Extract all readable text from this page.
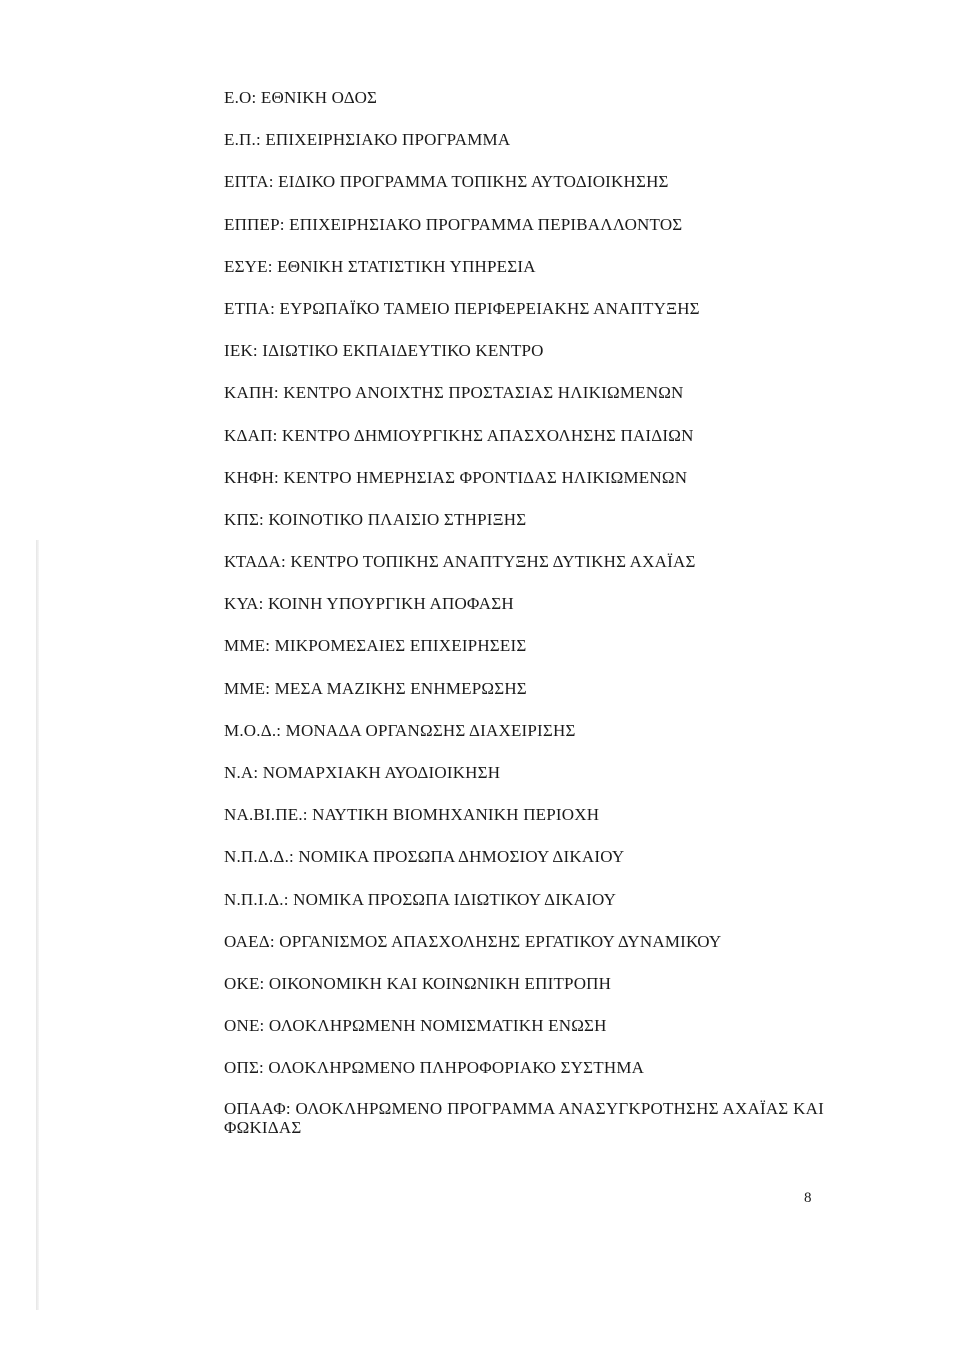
Ε.Ο: ΕΘΝΙΚΗ ΟΔΟΣ
Ε.Π.: ΕΠΙΧΕΙΡΗΣΙΑΚΟ ΠΡΟΓΡΑΜΜΑ
ΕΠΤΑ: ΕΙΔΙΚΟ ΠΡΟΓΡΑΜΜΑ ΤΟΠΙΚΗΣ ΑΥΤΟΔΙΟΙΚΗΣΗΣ
ΕΠΠΕΡ: ΕΠΙΧΕΙΡΗΣΙΑΚΟ ΠΡΟΓΡΑΜΜΑ ΠΕΡΙΒΑΛΛΟΝΤΟΣ
ΕΣΥΕ: ΕΘΝΙΚΗ ΣΤΑΤΙΣΤΙΚΗ ΥΠΗΡΕΣΙΑ
ΕΤΠΑ: ΕΥΡΩΠΑΪΚΟ ΤΑΜΕΙΟ ΠΕΡΙΦΕΡΕΙΑΚΗΣ ΑΝΑΠΤΥΞΗΣ
ΙΕΚ: ΙΔΙΩΤΙΚΟ ΕΚΠΑΙΔΕΥΤΙΚΟ ΚΕΝΤΡΟ
ΚΑΠΗ: ΚΕΝΤΡΟ ΑΝΟΙΧΤΗΣ ΠΡΟΣΤΑΣΙΑΣ ΗΛΙΚΙΩΜΕΝΩΝ
ΚΔΑΠ: ΚΕΝΤΡΟ ΔΗΜΙΟΥΡΓΙΚΗΣ ΑΠΑΣΧΟΛΗΣΗΣ ΠΑΙΔΙΩΝ
ΚΗΦΗ: ΚΕΝΤΡΟ ΗΜΕΡΗΣΙΑΣ ΦΡΟΝΤΙΔΑΣ ΗΛΙΚΙΩΜΕΝΩΝ
ΚΠΣ: ΚΟΙΝΟΤΙΚΟ ΠΛΑΙΣΙΟ ΣΤΗΡΙΞΗΣ
ΚΤΑΔΑ: ΚΕΝΤΡΟ ΤΟΠΙΚΗΣ ΑΝΑΠΤΥΞΗΣ ΔΥΤΙΚΗΣ ΑΧΑΪΑΣ
ΚΥΑ: ΚΟΙΝΗ ΥΠΟΥΡΓΙΚΗ ΑΠΟΦΑΣΗ
ΜΜΕ: ΜΙΚΡΟΜΕΣΑΙΕΣ ΕΠΙΧΕΙΡΗΣΕΙΣ
ΜΜΕ: ΜΕΣΑ ΜΑΖΙΚΗΣ ΕΝΗΜΕΡΩΣΗΣ
Μ.Ο.Δ.: ΜΟΝΑΔΑ ΟΡΓΑΝΩΣΗΣ ΔΙΑΧΕΙΡΙΣΗΣ
Ν.Α: ΝΟΜΑΡΧΙΑΚΗ ΑΥΟΔΙΟΙΚΗΣΗ
ΝΑ.ΒΙ.ΠΕ.: ΝΑΥΤΙΚΗ ΒΙΟΜΗΧΑΝΙΚΗ ΠΕΡΙΟΧΗ
Ν.Π.Δ.Δ.: ΝΟΜΙΚΑ ΠΡΟΣΩΠΑ ΔΗΜΟΣΙΟΥ ΔΙΚΑΙΟΥ
Ν.Π.Ι.Δ.: ΝΟΜΙΚΑ ΠΡΟΣΩΠΑ ΙΔΙΩΤΙΚΟΥ ΔΙΚΑΙΟΥ
ΟΑΕΔ: ΟΡΓΑΝΙΣΜΟΣ ΑΠΑΣΧΟΛΗΣΗΣ ΕΡΓΑΤΙΚΟΥ ΔΥΝΑΜΙΚΟΥ
ΟΚΕ: ΟΙΚΟΝΟΜΙΚΗ ΚΑΙ ΚΟΙΝΩΝΙΚΗ ΕΠΙΤΡΟΠΗ
ΟΝΕ: ΟΛΟΚΛΗΡΩΜΕΝΗ ΝΟΜΙΣΜΑΤΙΚΗ ΕΝΩΣΗ
ΟΠΣ: ΟΛΟΚΛΗΡΩΜΕΝΟ ΠΛΗΡΟΦΟΡΙΑΚΟ ΣΥΣΤΗΜΑ
ΟΠΑΑΦ: ΟΛΟΚΛΗΡΩΜΕΝΟ ΠΡΟΓΡΑΜΜΑ ΑΝΑΣΥΓΚΡΟΤΗΣΗΣ ΑΧΑΪΑΣ ΚΑΙ ΦΩΚΙΔΑΣ
8
